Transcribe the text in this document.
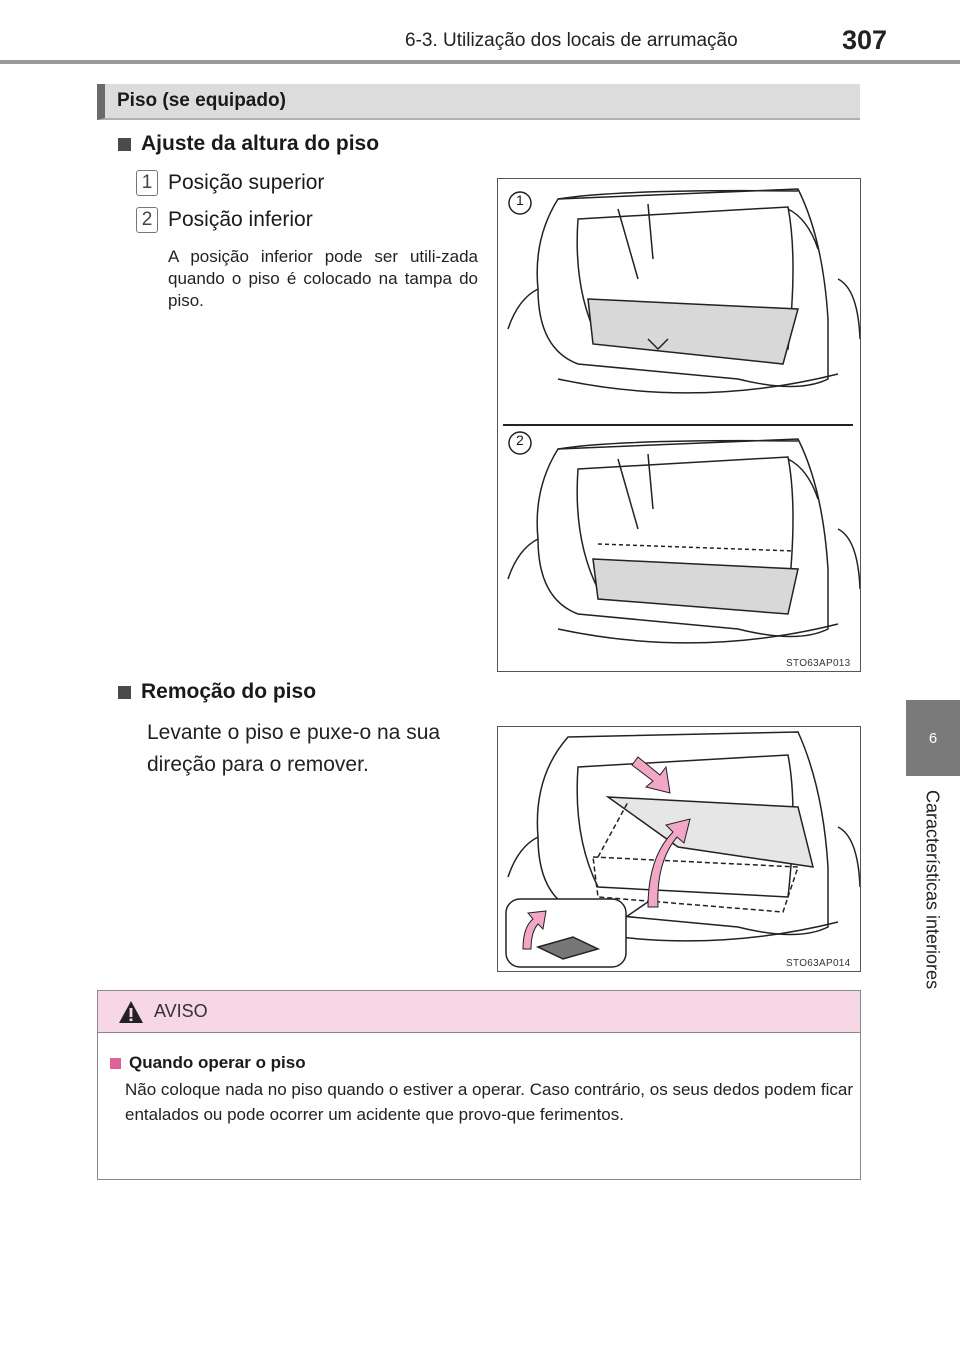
6-3. Utilização dos locais de arrumação	307
6
Características interiores
Piso (se equipado)
Ajuste da altura do piso
1 Posição superior
2 Posição inferior
A posição inferior pode ser utili-zada quando o piso é colocado na tampa do piso.
1
2
STO63AP013
Remoção do piso
Levante o piso e puxe-o na sua direção para o remover.
STO63AP014
AVISO
Quando operar o piso
Não coloque nada no piso quando o estiver a operar. Caso contrário, os seus dedos podem ficar entalados ou pode ocorrer um acidente que provo-que ferimentos.
